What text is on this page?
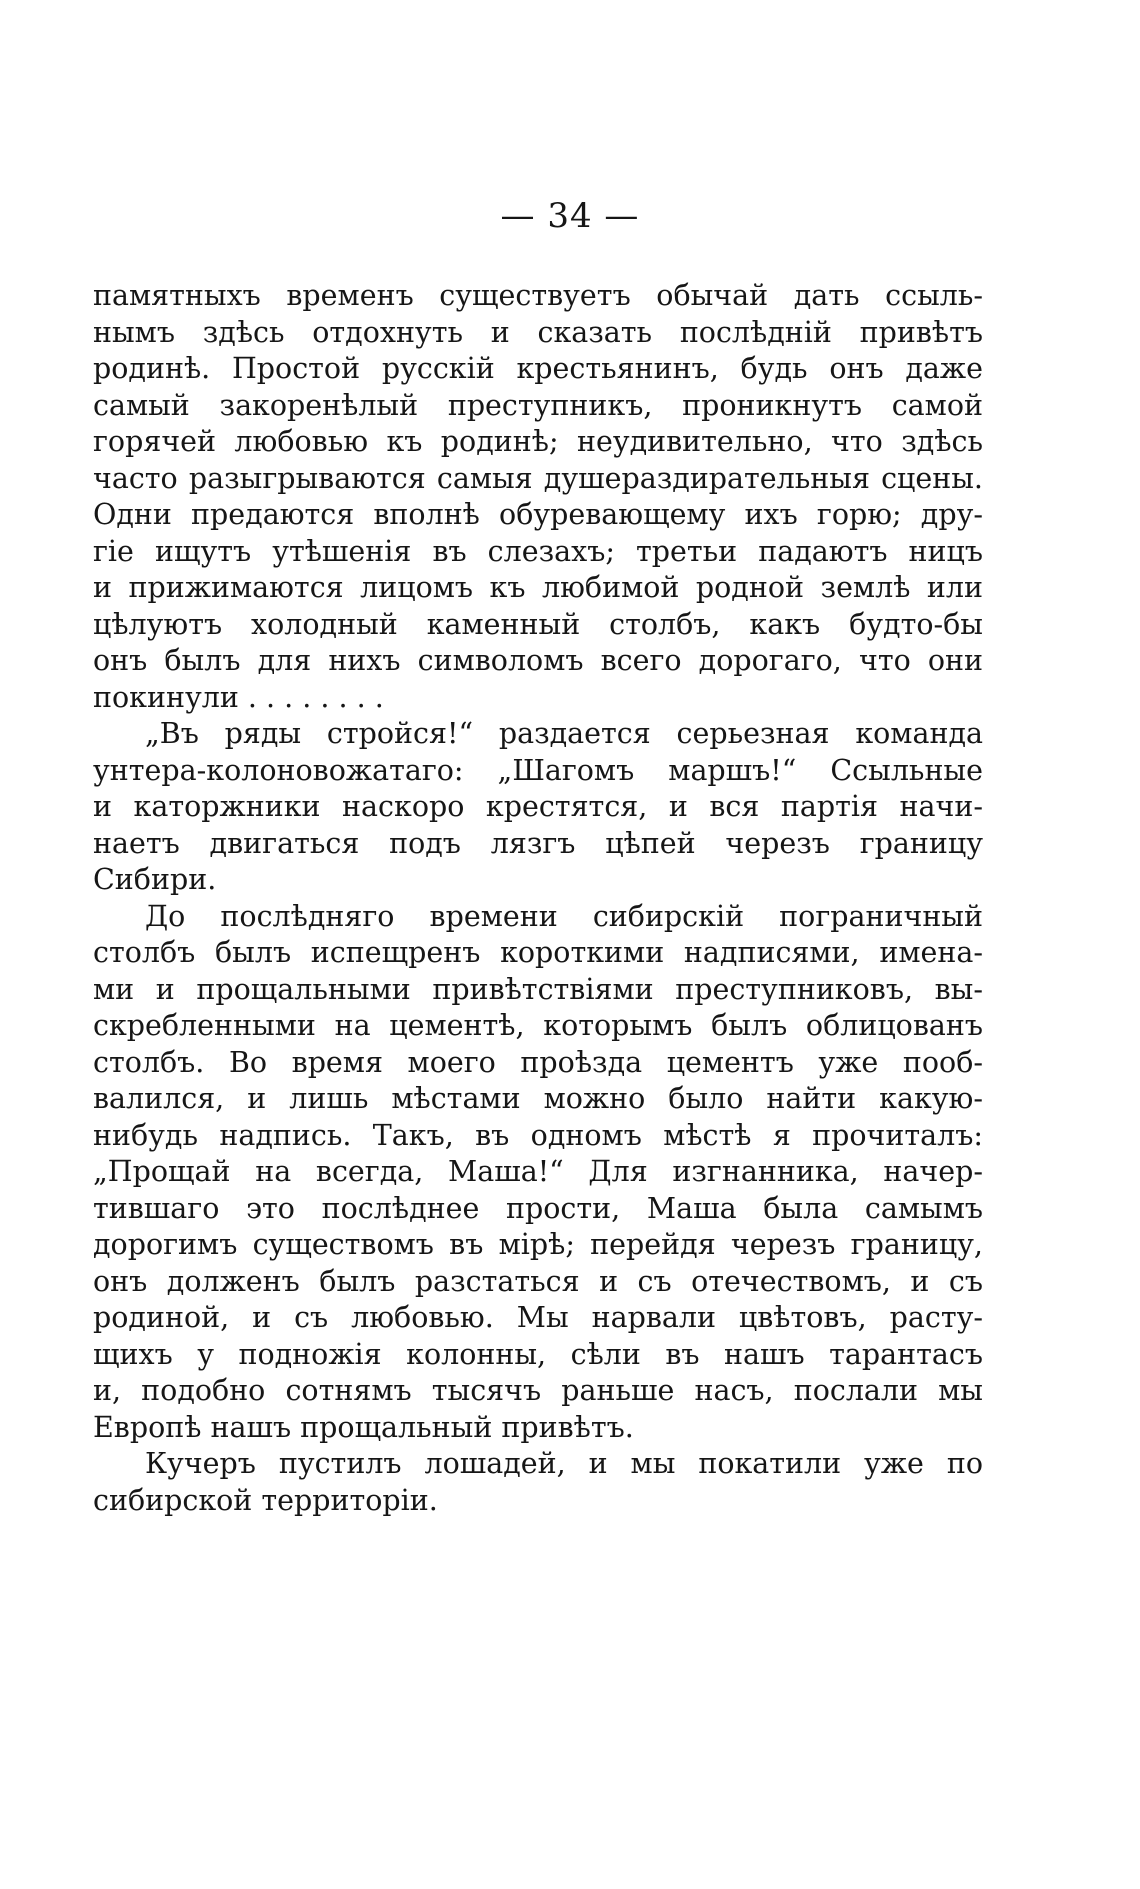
— 34 —
памятныхъ временъ существуетъ обычай дать ссыль-
нымъ здѣсь отдохнуть и сказать послѣдній привѣтъ
родинѣ. Простой русскій крестьянинъ, будь онъ даже
самый закоренѣлый преступникъ, проникнутъ самой
горячей любовью къ родинѣ; неудивительно, что здѣсь
часто разыгрываются самыя душераздирательныя сцены.
Одни предаются вполнѣ обуревающему ихъ горю; дру-
гіе ищутъ утѣшенія въ слезахъ; третьи падаютъ ницъ
и прижимаются лицомъ къ любимой родной землѣ или
цѣлуютъ холодный каменный столбъ, какъ будто-бы
онъ былъ для нихъ символомъ всего дорогаго, что они
покинули . . . . . . . .
„Въ ряды стройся!“ раздается серьезная команда
унтера-колоновожатаго: „Шагомъ маршъ!“ Ссыльные
и каторжники наскоро крестятся, и вся партія начи-
наетъ двигаться подъ лязгъ цѣпей черезъ границу
Сибири.
До послѣдняго времени сибирскій пограничный
столбъ былъ испещренъ короткими надписями, имена-
ми и прощальными привѣтствіями преступниковъ, вы-
скребленными на цементѣ, которымъ былъ облицованъ
столбъ. Во время моего проѣзда цементъ уже пооб-
валился, и лишь мѣстами можно было найти какую-
нибудь надпись. Такъ, въ одномъ мѣстѣ я прочиталъ:
„Прощай на всегда, Маша!“ Для изгнанника, начер-
тившаго это послѣднее прости, Маша была самымъ
дорогимъ существомъ въ мірѣ; перейдя черезъ границу,
онъ долженъ былъ разстаться и съ отечествомъ, и съ
родиной, и съ любовью. Мы нарвали цвѣтовъ, расту-
щихъ у подножія колонны, сѣли въ нашъ тарантасъ
и, подобно сотнямъ тысячъ раньше насъ, послали мы
Европѣ нашъ прощальный привѣтъ.
Кучеръ пустилъ лошадей, и мы покатили уже по
сибирской территоріи.
